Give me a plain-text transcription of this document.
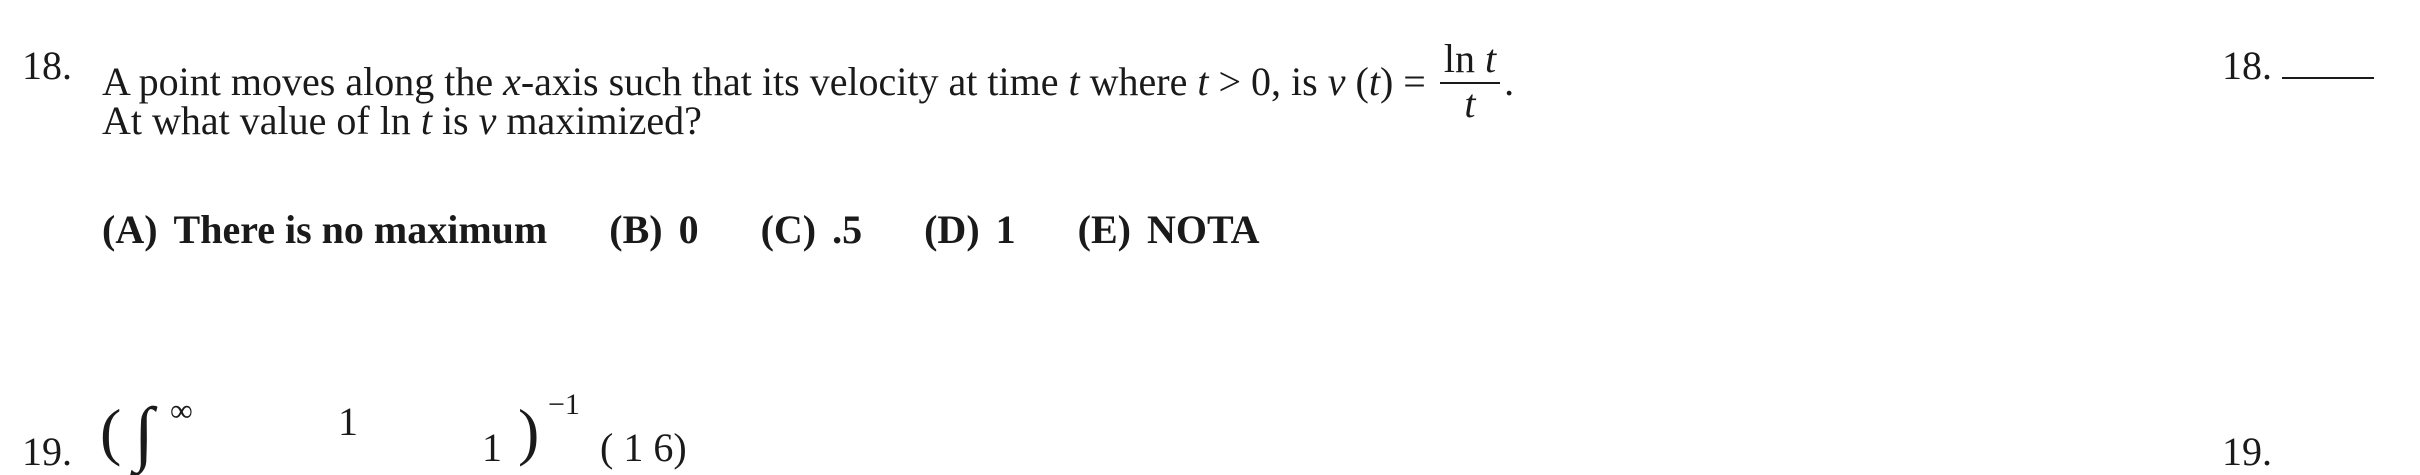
18. A point moves along the x-axis such that its velocity at time t where t > 0, is v $(t) = \frac{\text{ln t}}{t}$ .
At what value of ln t is v maximized?
18.
(A) There is no maximum (B) 0 (C) .5 (D) 1 (E) NOTA
19. ( ∫ ∞	1
1 ) −1
( 1 6)	19.
